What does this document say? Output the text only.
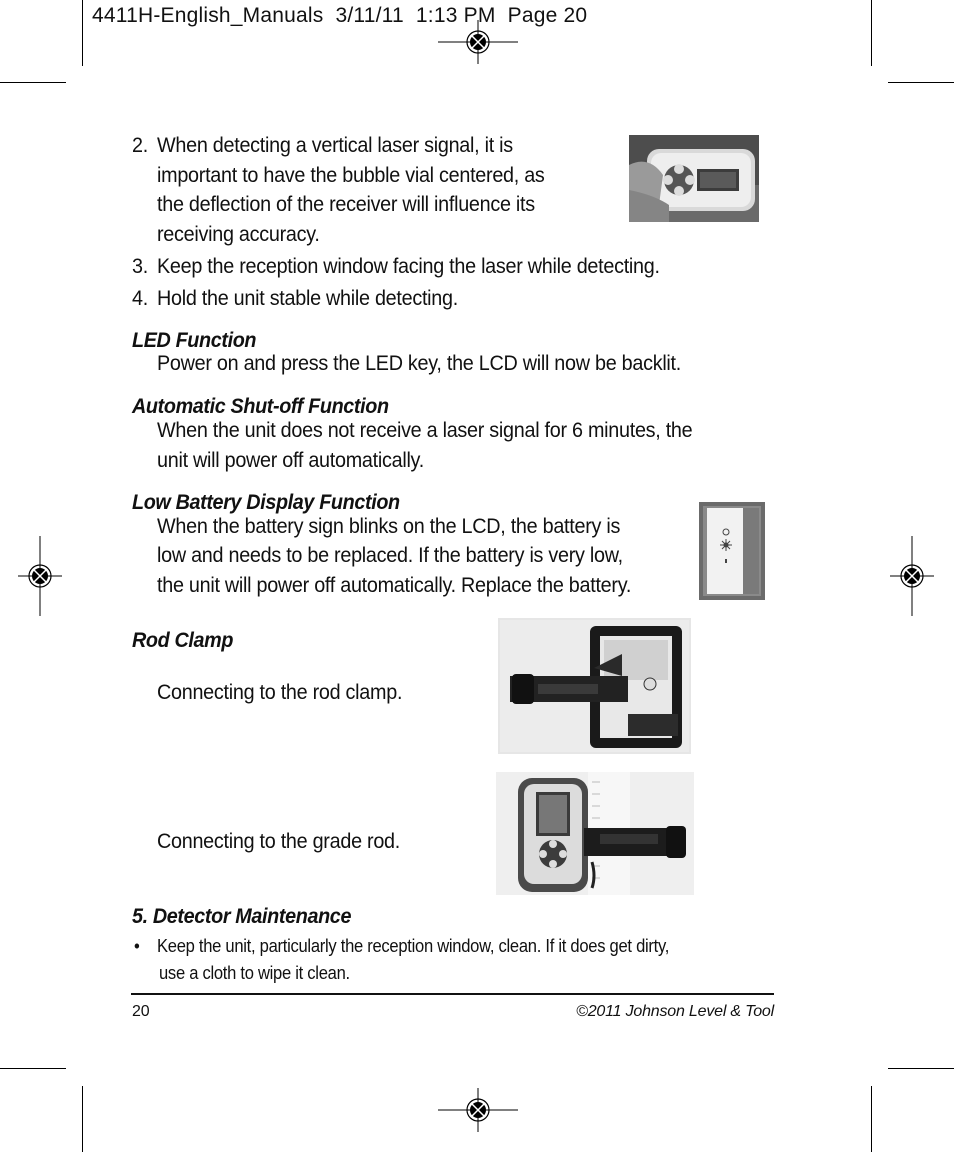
4411H-English_Manuals  3/11/11  1:13 PM  Page 20
2. When detecting a vertical laser signal, it is
important to have the bubble vial centered, as
the deflection of the receiver will influence its
receiving accuracy.
3. Keep the reception window facing the laser while detecting.
4. Hold the unit stable while detecting.
LED Function
Power on and press the LED key, the LCD will now be backlit.
Automatic Shut-off Function
When the unit does not receive a laser signal for 6 minutes, the
unit will power off automatically.
Low Battery Display Function
When the battery sign blinks on the LCD, the battery is
low and needs to be replaced. If the battery is very low,
the unit will power off automatically. Replace the battery.
Rod Clamp
Connecting to the rod clamp.
Connecting to the grade rod.
5. Detector Maintenance
• Keep the unit, particularly the reception window, clean. If it does get dirty,
use a cloth to wipe it clean.
20	©2011 Johnson Level & Tool
